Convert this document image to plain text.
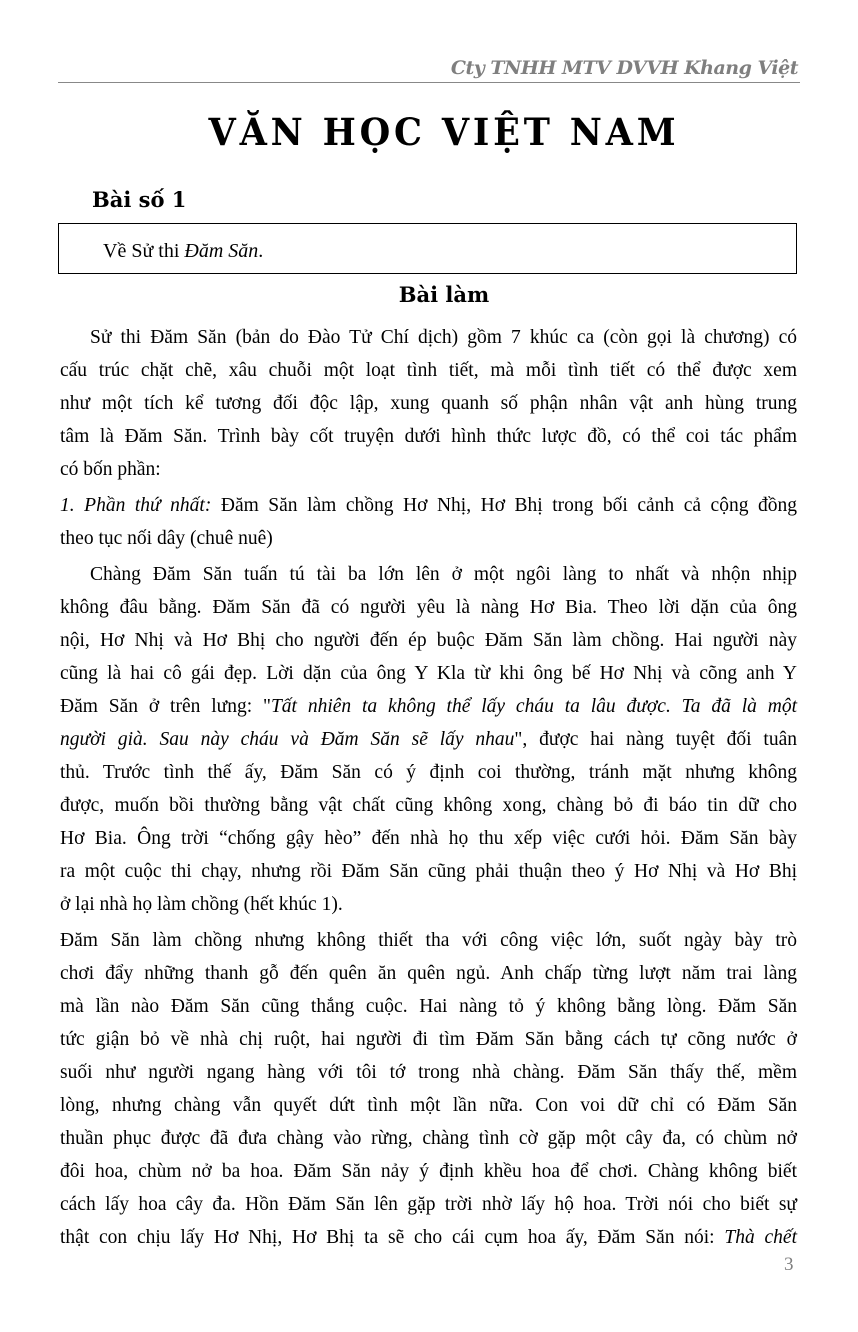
Cty TNHH MTV DVVH Khang Việt
VĂN HỌC VIỆT NAM
Bài số 1
Về Sử thi Đăm Săn.
Bài làm
Sử thi Đăm Săn (bản do Đào Tử Chí dịch) gồm 7 khúc ca (còn gọi là chương) có
cấu trúc chặt chẽ, xâu chuỗi một loạt tình tiết, mà mỗi tình tiết có thể được xem
như một tích kể tương đối độc lập, xung quanh số phận nhân vật anh hùng trung
tâm là Đăm Săn. Trình bày cốt truyện dưới hình thức lược đồ, có thể coi tác phẩm
có bốn phần:
1. Phần thứ nhất: Đăm Săn làm chồng Hơ Nhị, Hơ Bhị trong bối cảnh cả cộng đồng
theo tục nối dây (chuê nuê)
Chàng Đăm Săn tuấn tú tài ba lớn lên ở một ngôi làng to nhất và nhộn nhịp
không đâu bằng. Đăm Săn đã có người yêu là nàng Hơ Bia. Theo lời dặn của ông
nội, Hơ Nhị và Hơ Bhị cho người đến ép buộc Đăm Săn làm chồng. Hai người này
cũng là hai cô gái đẹp. Lời dặn của ông Y Kla từ khi ông bế Hơ Nhị và cõng anh Y
Đăm Săn ở trên lưng: "Tất nhiên ta không thể lấy cháu ta lâu được. Ta đã là một
người già. Sau này cháu và Đăm Săn sẽ lấy nhau", được hai nàng tuyệt đối tuân
thủ. Trước tình thế ấy, Đăm Săn có ý định coi thường, tránh mặt nhưng không
được, muốn bồi thường bằng vật chất cũng không xong, chàng bỏ đi báo tin dữ cho
Hơ Bia. Ông trời “chống gậy hèo” đến nhà họ thu xếp việc cưới hỏi. Đăm Săn bày
ra một cuộc thi chạy, nhưng rồi Đăm Săn cũng phải thuận theo ý Hơ Nhị và Hơ Bhị
ở lại nhà họ làm chồng (hết khúc 1).
Đăm Săn làm chồng nhưng không thiết tha với công việc lớn, suốt ngày bày trò
chơi đẩy những thanh gỗ đến quên ăn quên ngủ. Anh chấp từng lượt năm trai làng
mà lần nào Đăm Săn cũng thắng cuộc. Hai nàng tỏ ý không bằng lòng. Đăm Săn
tức giận bỏ về nhà chị ruột, hai người đi tìm Đăm Săn bằng cách tự cõng nước ở
suối như người ngang hàng với tôi tớ trong nhà chàng. Đăm Săn thấy thế, mềm
lòng, nhưng chàng vẫn quyết dứt tình một lần nữa. Con voi dữ chỉ có Đăm Săn
thuần phục được đã đưa chàng vào rừng, chàng tình cờ gặp một cây đa, có chùm nở
đôi hoa, chùm nở ba hoa. Đăm Săn nảy ý định khều hoa để chơi. Chàng không biết
cách lấy hoa cây đa. Hồn Đăm Săn lên gặp trời nhờ lấy hộ hoa. Trời nói cho biết sự
thật con chịu lấy Hơ Nhị, Hơ Bhị ta sẽ cho cái cụm hoa ấy, Đăm Săn nói: Thà chết
3
